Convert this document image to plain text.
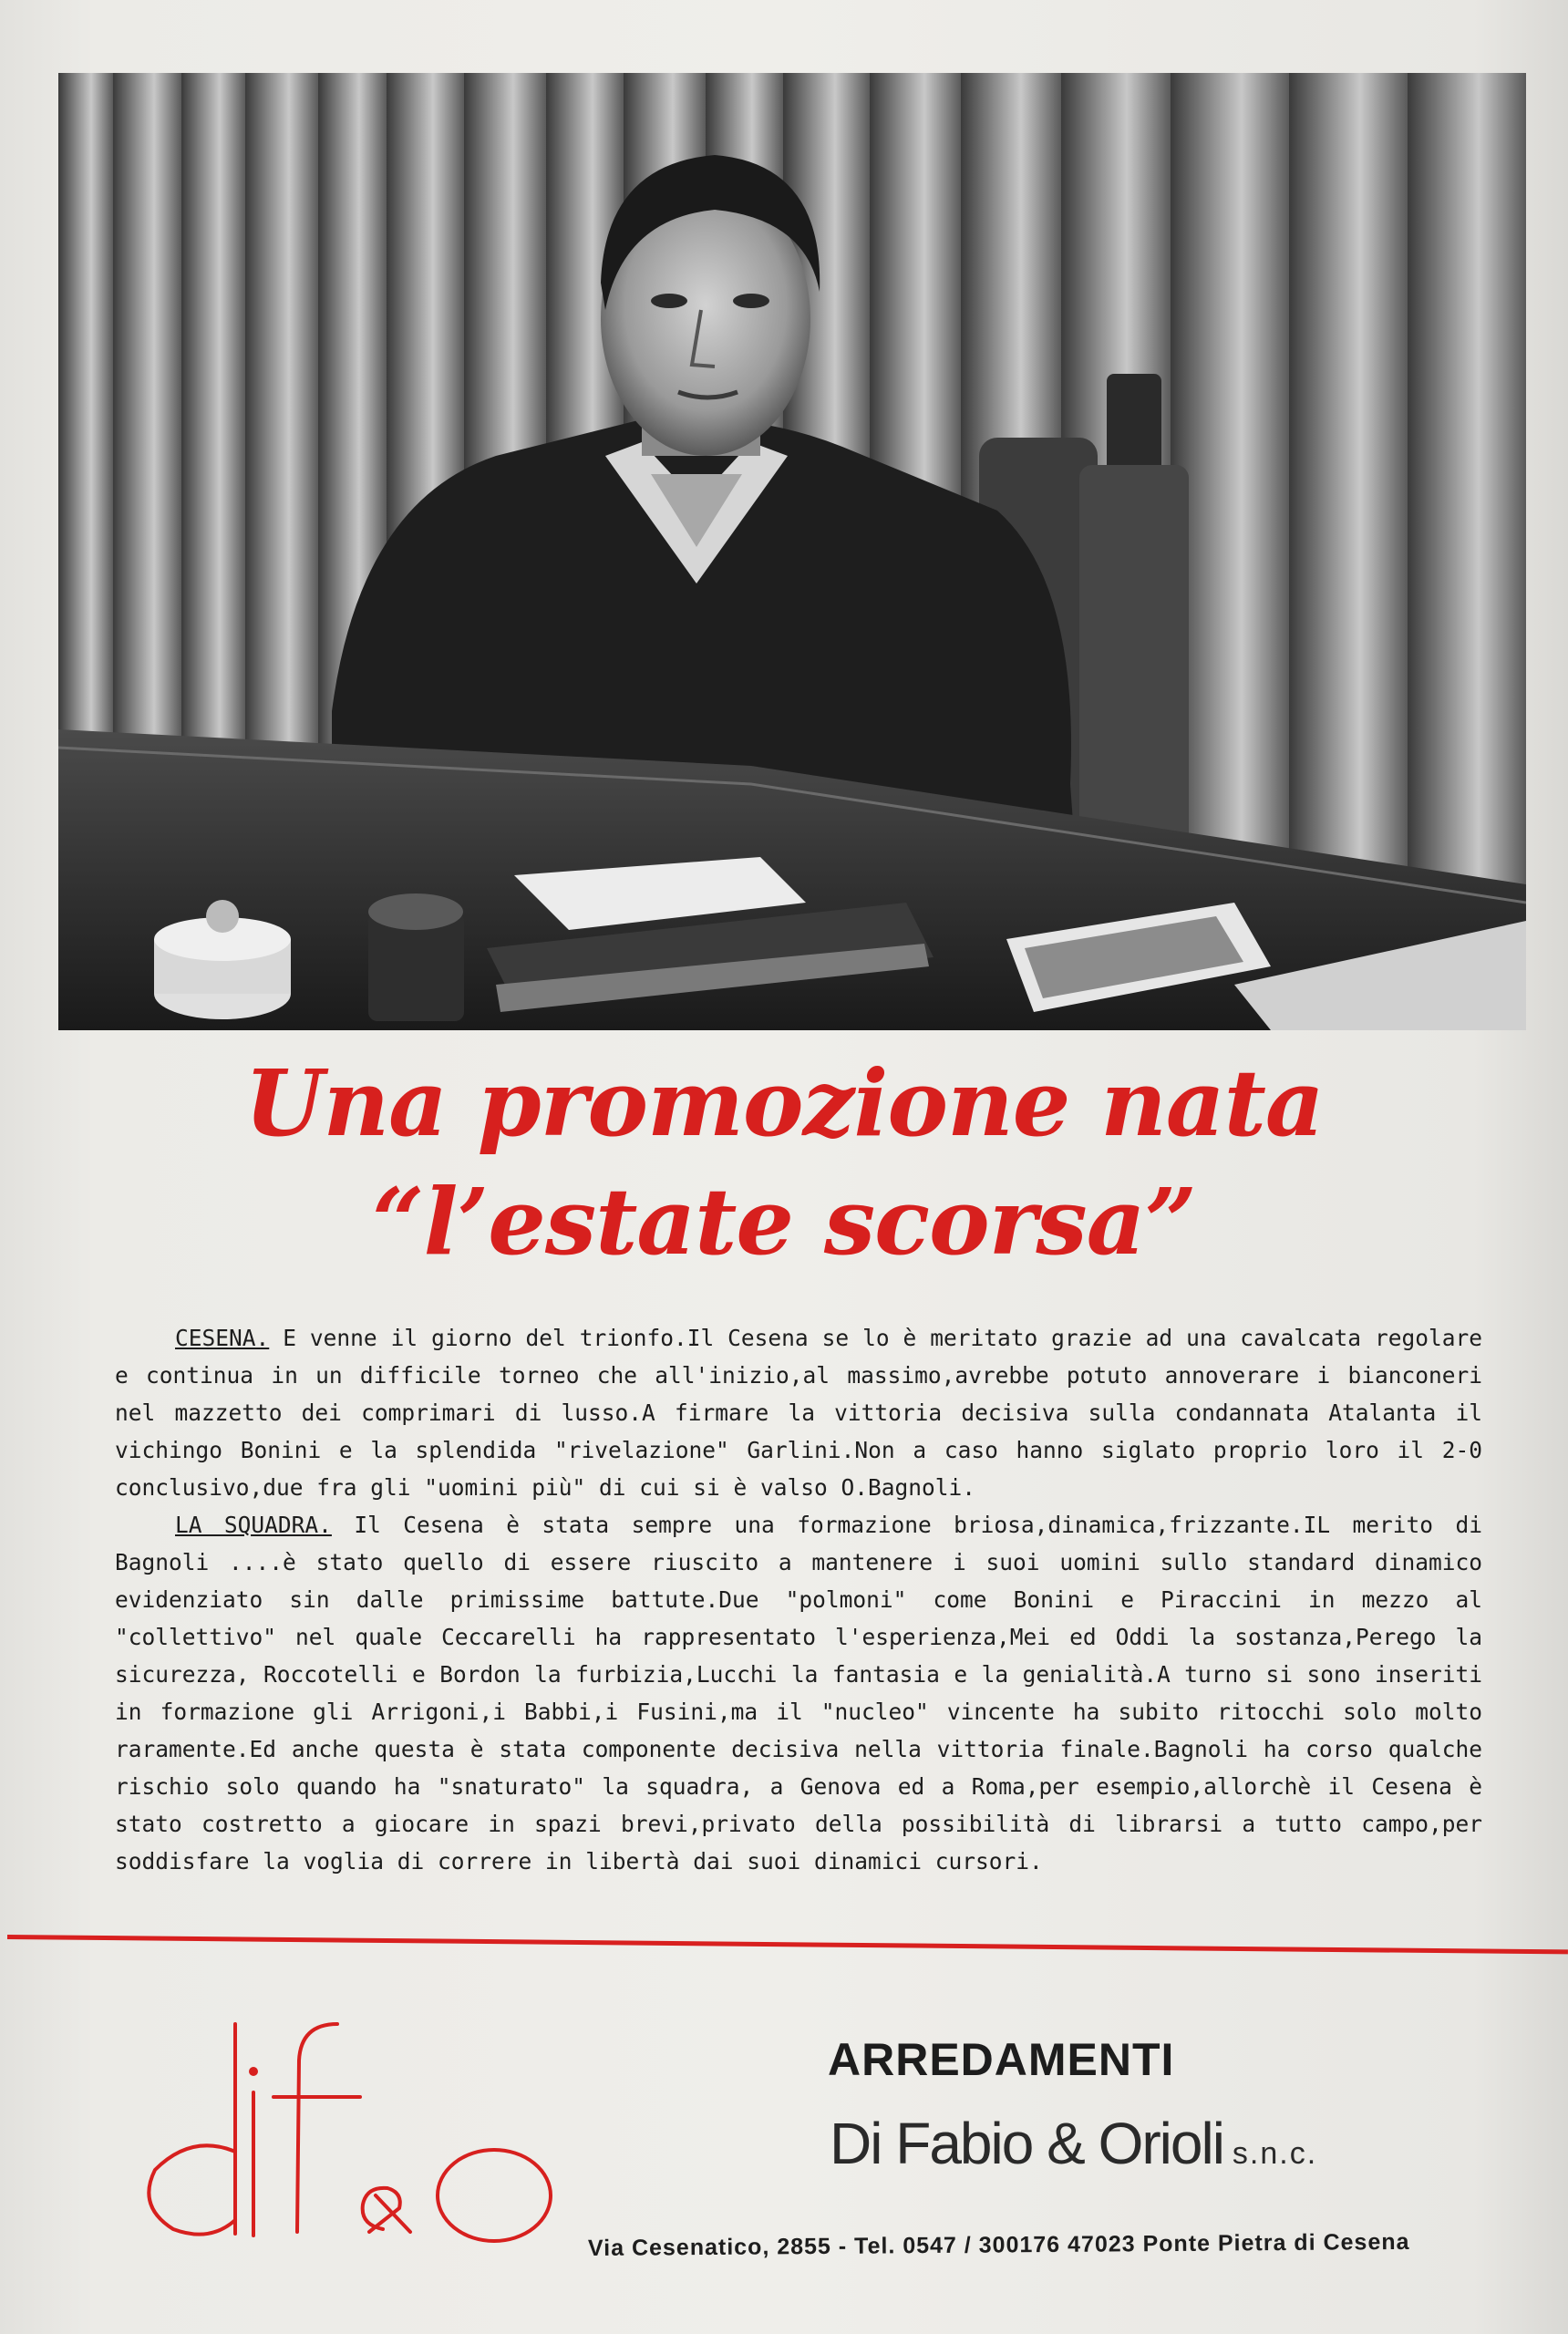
Una promozione nata
“l’estate scorsa”

CESENA. E venne il giorno del trionfo.Il Cesena se lo è meritato grazie ad una cavalcata regolare e continua in un difficile torneo che all'inizio,al massimo,avrebbe potuto annoverare i bianconeri nel mazzetto dei comprimari di lusso.A firmare la vittoria decisiva sulla condannata Atalanta il vichingo Bonini e la splendida "rivelazione" Garlini.Non a caso hanno siglato proprio loro il 2-0 conclusivo,due fra gli "uomini più" di cui si è valso O.Bagnoli.

LA SQUADRA. Il Cesena è stata sempre una formazione briosa,dinamica,frizzante.IL merito di Bagnoli ....è stato quello di essere riuscito a mantenere i suoi uomini sullo standard dinamico evidenziato sin dalle primissime battute.Due "polmoni" come Bonini e Piraccini in mezzo al "collettivo" nel quale Ceccarelli ha rappresentato l'esperienza,Mei ed Oddi la sostanza,Perego la sicurezza, Roccotelli e Bordon la furbizia,Lucchi la fantasia e la genialità.A turno si sono inseriti in formazione gli Arrigoni,i Babbi,i Fusini,ma il "nucleo" vincente ha subito ritocchi solo molto raramente.Ed anche questa è stata componente decisiva nella vittoria finale.Bagnoli ha corso qualche rischio solo quando ha "snaturato" la squadra, a Genova ed a Roma,per esempio,allorchè il Cesena è stato costretto a giocare in spazi brevi,privato della possibilità di librarsi a tutto campo,per soddisfare la voglia di correre in libertà dai suoi dinamici cursori.

dif&o
ARREDAMENTI
Di Fabio & Orioli s.n.c.
Via Cesenatico, 2855 - Tel. 0547 / 300176 47023 Ponte Pietra di Cesena
